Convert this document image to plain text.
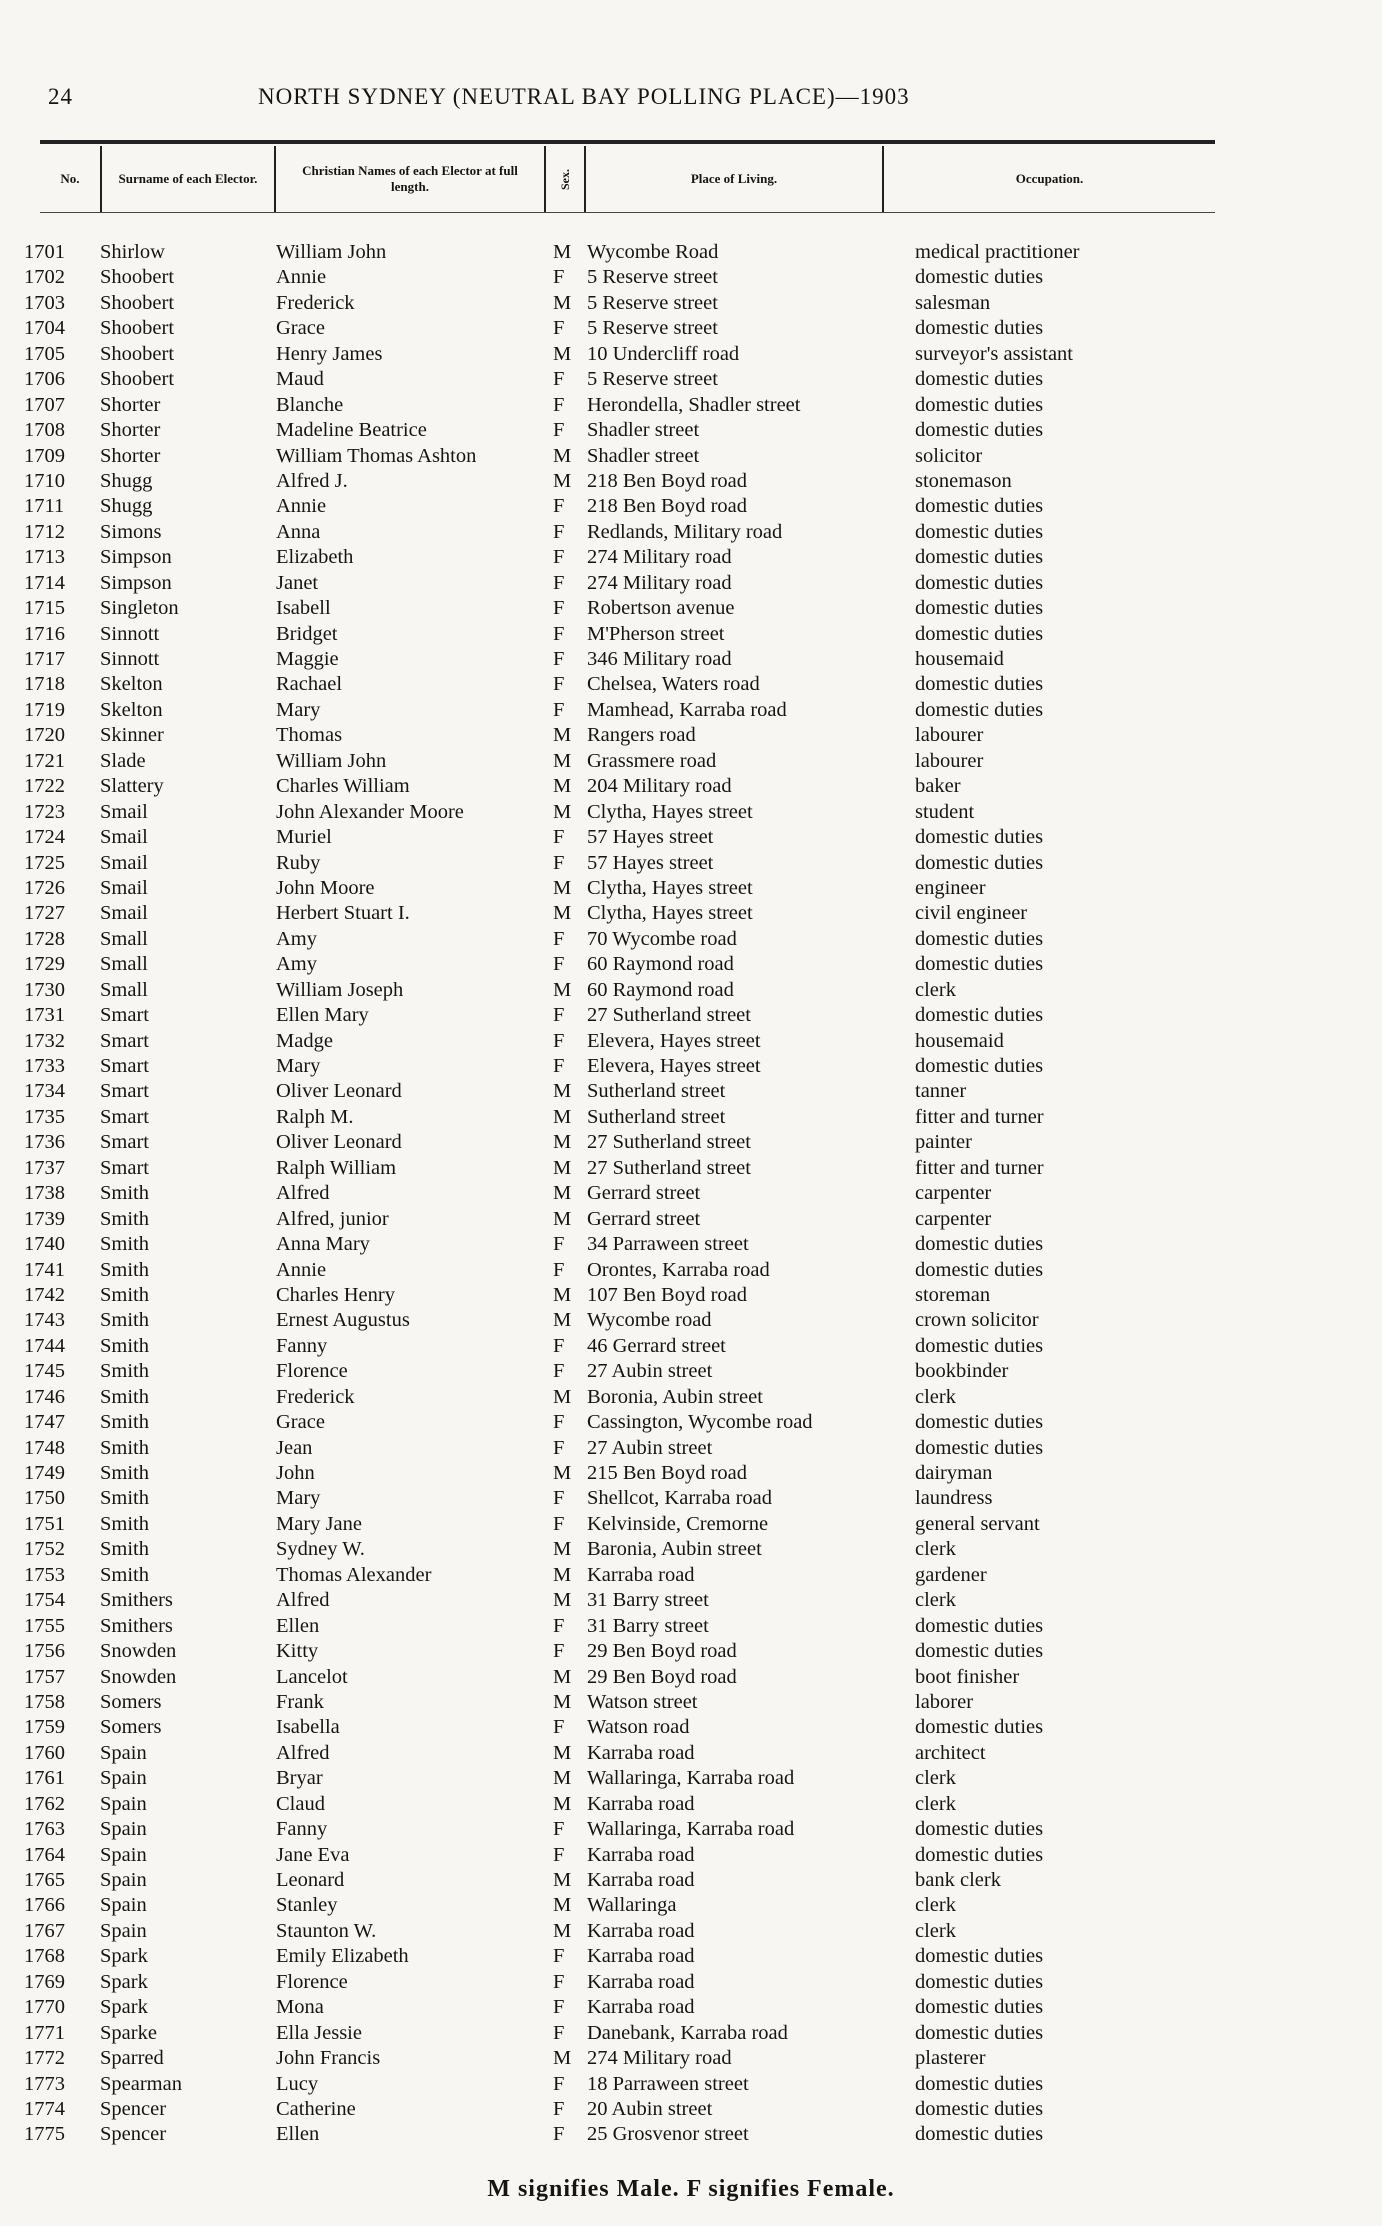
24	NORTH SYDNEY (NEUTRAL BAY POLLING PLACE)—1903
No.	Surname of each Elector.
Christian Names of each Elector at full length.	Sex.	Place of Living.	Occupation.
1701 Shirlow	William John	M Wycombe Road	medical practitioner
1702 Shoobert	Annie	F 5 Reserve street	domestic duties
1703 Shoobert	Frederick	M 5 Reserve street	salesman
1704 Shoobert	Grace	F 5 Reserve street	domestic duties
1705 Shoobert	Henry James	M 10 Undercliff road	surveyor's assistant
1706 Shoobert	Maud	F 5 Reserve street	domestic duties
1707 Shorter	Blanche	F Herondella, Shadler street	domestic duties
1708 Shorter	Madeline Beatrice	F Shadler street	domestic duties
1709 Shorter	William Thomas Ashton	M Shadler street	solicitor
1710 Shugg	Alfred J.	M 218 Ben Boyd road	stonemason
1711 Shugg	Annie	F 218 Ben Boyd road	domestic duties
1712 Simons	Anna	F Redlands, Military road	domestic duties
1713 Simpson	Elizabeth	F 274 Military road	domestic duties
1714 Simpson	Janet	F 274 Military road	domestic duties
1715 Singleton	Isabell	F Robertson avenue	domestic duties
1716 Sinnott	Bridget	F M'Pherson street	domestic duties
1717 Sinnott	Maggie	F 346 Military road	housemaid
1718 Skelton	Rachael	F Chelsea, Waters road	domestic duties
1719 Skelton	Mary	F Mamhead, Karraba road	domestic duties
1720 Skinner	Thomas	M Rangers road	labourer
1721 Slade	William John	M Grassmere road	labourer
1722 Slattery	Charles William	M 204 Military road	baker
1723 Smail	John Alexander Moore	M Clytha, Hayes street	student
1724 Smail	Muriel	F 57 Hayes street	domestic duties
1725 Smail	Ruby	F 57 Hayes street	domestic duties
1726 Smail	John Moore	M Clytha, Hayes street	engineer
1727 Smail	Herbert Stuart I.	M Clytha, Hayes street	civil engineer
1728 Small	Amy	F 70 Wycombe road	domestic duties
1729 Small	Amy	F 60 Raymond road	domestic duties
1730 Small	William Joseph	M 60 Raymond road	clerk
1731 Smart	Ellen Mary	F 27 Sutherland street	domestic duties
1732 Smart	Madge	F Elevera, Hayes street	housemaid
1733 Smart	Mary	F Elevera, Hayes street	domestic duties
1734 Smart	Oliver Leonard	M Sutherland street	tanner
1735 Smart	Ralph M.	M Sutherland street	fitter and turner
1736 Smart	Oliver Leonard	M 27 Sutherland street	painter
1737 Smart	Ralph William	M 27 Sutherland street	fitter and turner
1738 Smith	Alfred	M Gerrard street	carpenter
1739 Smith	Alfred, junior	M Gerrard street	carpenter
1740 Smith	Anna Mary	F 34 Parraween street	domestic duties
1741 Smith	Annie	F Orontes, Karraba road	domestic duties
1742 Smith	Charles Henry	M 107 Ben Boyd road	storeman
1743 Smith	Ernest Augustus	M Wycombe road	crown solicitor
1744 Smith	Fanny	F 46 Gerrard street	domestic duties
1745 Smith	Florence	F 27 Aubin street	bookbinder
1746 Smith	Frederick	M Boronia, Aubin street	clerk
1747 Smith	Grace	F Cassington, Wycombe road	domestic duties
1748 Smith	Jean	F 27 Aubin street	domestic duties
1749 Smith	John	M 215 Ben Boyd road	dairyman
1750 Smith	Mary	F Shellcot, Karraba road	laundress
1751 Smith	Mary Jane	F Kelvinside, Cremorne	general servant
1752 Smith	Sydney W.	M Baronia, Aubin street	clerk
1753 Smith	Thomas Alexander	M Karraba road	gardener
1754 Smithers	Alfred	M 31 Barry street	clerk
1755 Smithers	Ellen	F 31 Barry street	domestic duties
1756 Snowden	Kitty	F 29 Ben Boyd road	domestic duties
1757 Snowden	Lancelot	M 29 Ben Boyd road	boot finisher
1758 Somers	Frank	M Watson street	laborer
1759 Somers	Isabella	F Watson road	domestic duties
1760 Spain	Alfred	M Karraba road	architect
1761 Spain	Bryar	M Wallaringa, Karraba road	clerk
1762 Spain	Claud	M Karraba road	clerk
1763 Spain	Fanny	F Wallaringa, Karraba road	domestic duties
1764 Spain	Jane Eva	F Karraba road	domestic duties
1765 Spain	Leonard	M Karraba road	bank clerk
1766 Spain	Stanley	M Wallaringa	clerk
1767 Spain	Staunton W.	M Karraba road	clerk
1768 Spark	Emily Elizabeth	F Karraba road	domestic duties
1769 Spark	Florence	F Karraba road	domestic duties
1770 Spark	Mona	F Karraba road	domestic duties
1771 Sparke	Ella Jessie	F Danebank, Karraba road	domestic duties
1772 Sparred	John Francis	M 274 Military road	plasterer
1773 Spearman	Lucy	F 18 Parraween street	domestic duties
1774 Spencer	Catherine	F 20 Aubin street	domestic duties
1775 Spencer	Ellen	F 25 Grosvenor street	domestic duties
M signifies Male. F signifies Female.
